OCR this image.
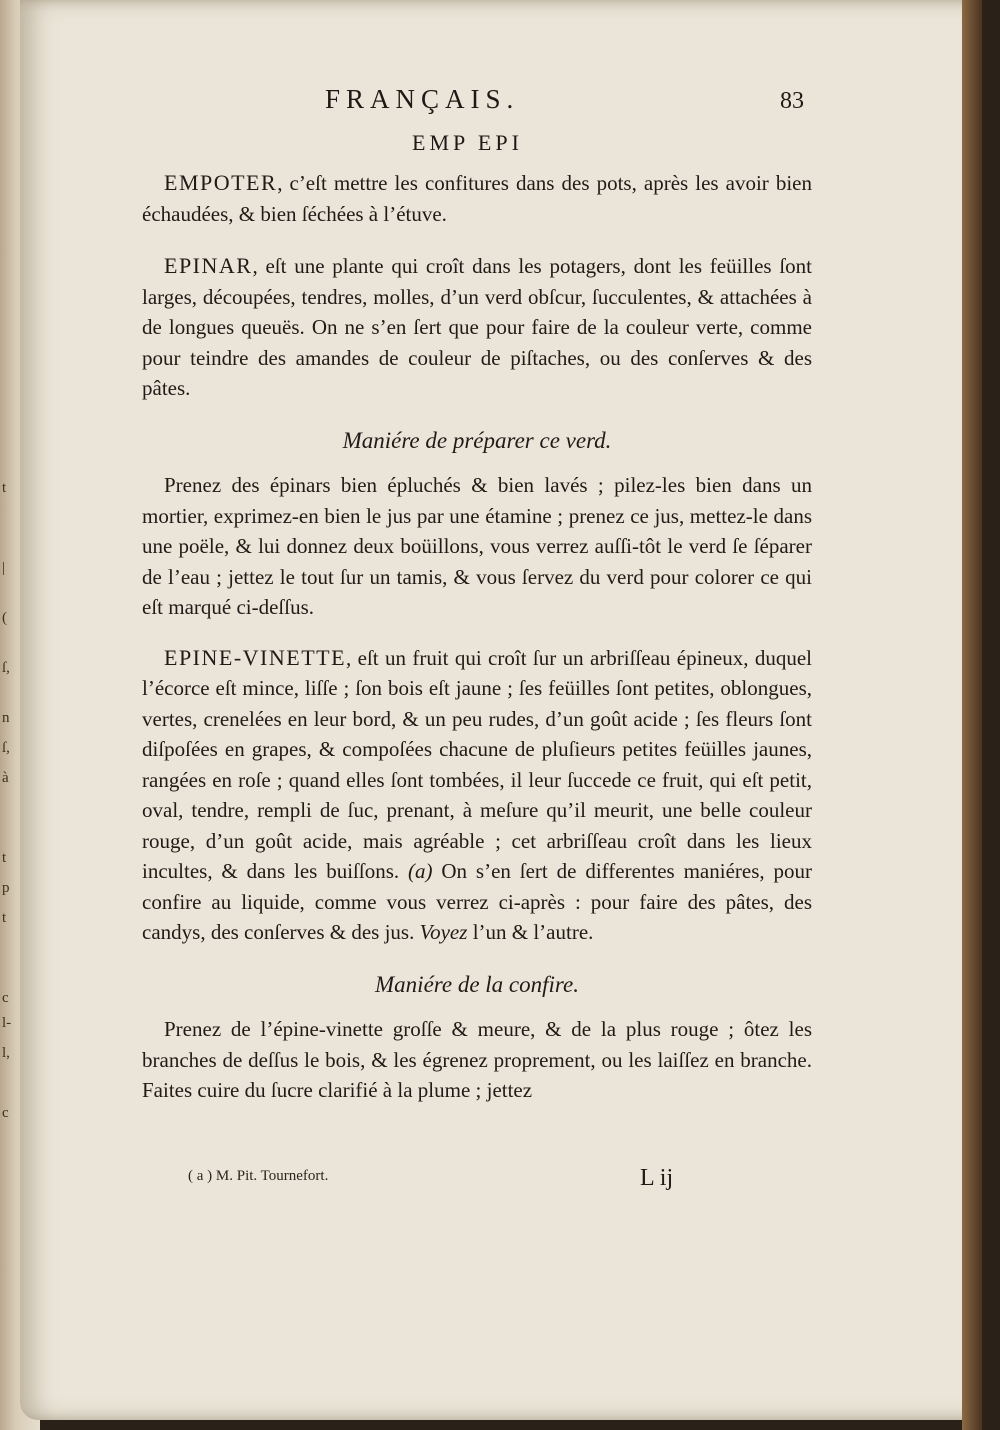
FRANÇAIS.	83
EMP EPI

EMPOTER, c’eſt mettre les confitures dans des pots, après les avoir bien échaudées, & bien ſéchées à l’étuve.

EPINAR, eſt une plante qui croît dans les potagers, dont les feüilles ſont larges, découpées, tendres, molles, d’un verd obſcur, ſucculentes, & attachées à de longues queuës. On ne s’en ſert que pour faire de la couleur verte, comme pour teindre des amandes de couleur de piſtaches, ou des conſerves & des pâtes.

Maniére de préparer ce verd.

Prenez des épinars bien épluchés & bien lavés ; pilez-les bien dans un mortier, exprimez-en bien le jus par une étamine ; prenez ce jus, mettez-le dans une poële, & lui donnez deux boüillons, vous verrez auſſi-tôt le verd ſe ſéparer de l’eau ; jettez le tout ſur un tamis, & vous ſervez du verd pour colorer ce qui eſt marqué ci-deſſus.

EPINE-VINETTE, eſt un fruit qui croît ſur un arbriſſeau épineux, duquel l’écorce eſt mince, liſſe ; ſon bois eſt jaune ; ſes feüilles ſont petites, oblongues, vertes, crenelées en leur bord, & un peu rudes, d’un goût acide ; ſes fleurs ſont diſpoſées en grapes, & compoſées chacune de pluſieurs petites feüilles jaunes, rangées en roſe ; quand elles ſont tombées, il leur ſuccede ce fruit, qui eſt petit, oval, tendre, rempli de ſuc, prenant, à meſure qu’il meurit, une belle couleur rouge, d’un goût acide, mais agréable ; cet arbriſſeau croît dans les lieux incultes, & dans les buiſſons. (a) On s’en ſert de differentes maniéres, pour confire au liquide, comme vous verrez ci-après : pour faire des pâtes, des candys, des conſerves & des jus. Voyez l’un & l’autre.

Maniére de la confire.

Prenez de l’épine-vinette groſſe & meure, & de la plus rouge ; ôtez les branches de deſſus le bois, & les égrenez proprement, ou les laiſſez en branche. Faites cuire du ſucre clarifié à la plume ; jettez

( a ) M. Pit. Tournefort.	L ij
t
|
(
ſ,
n
ſ,
à
t
p
t
c
l-
l,
c
